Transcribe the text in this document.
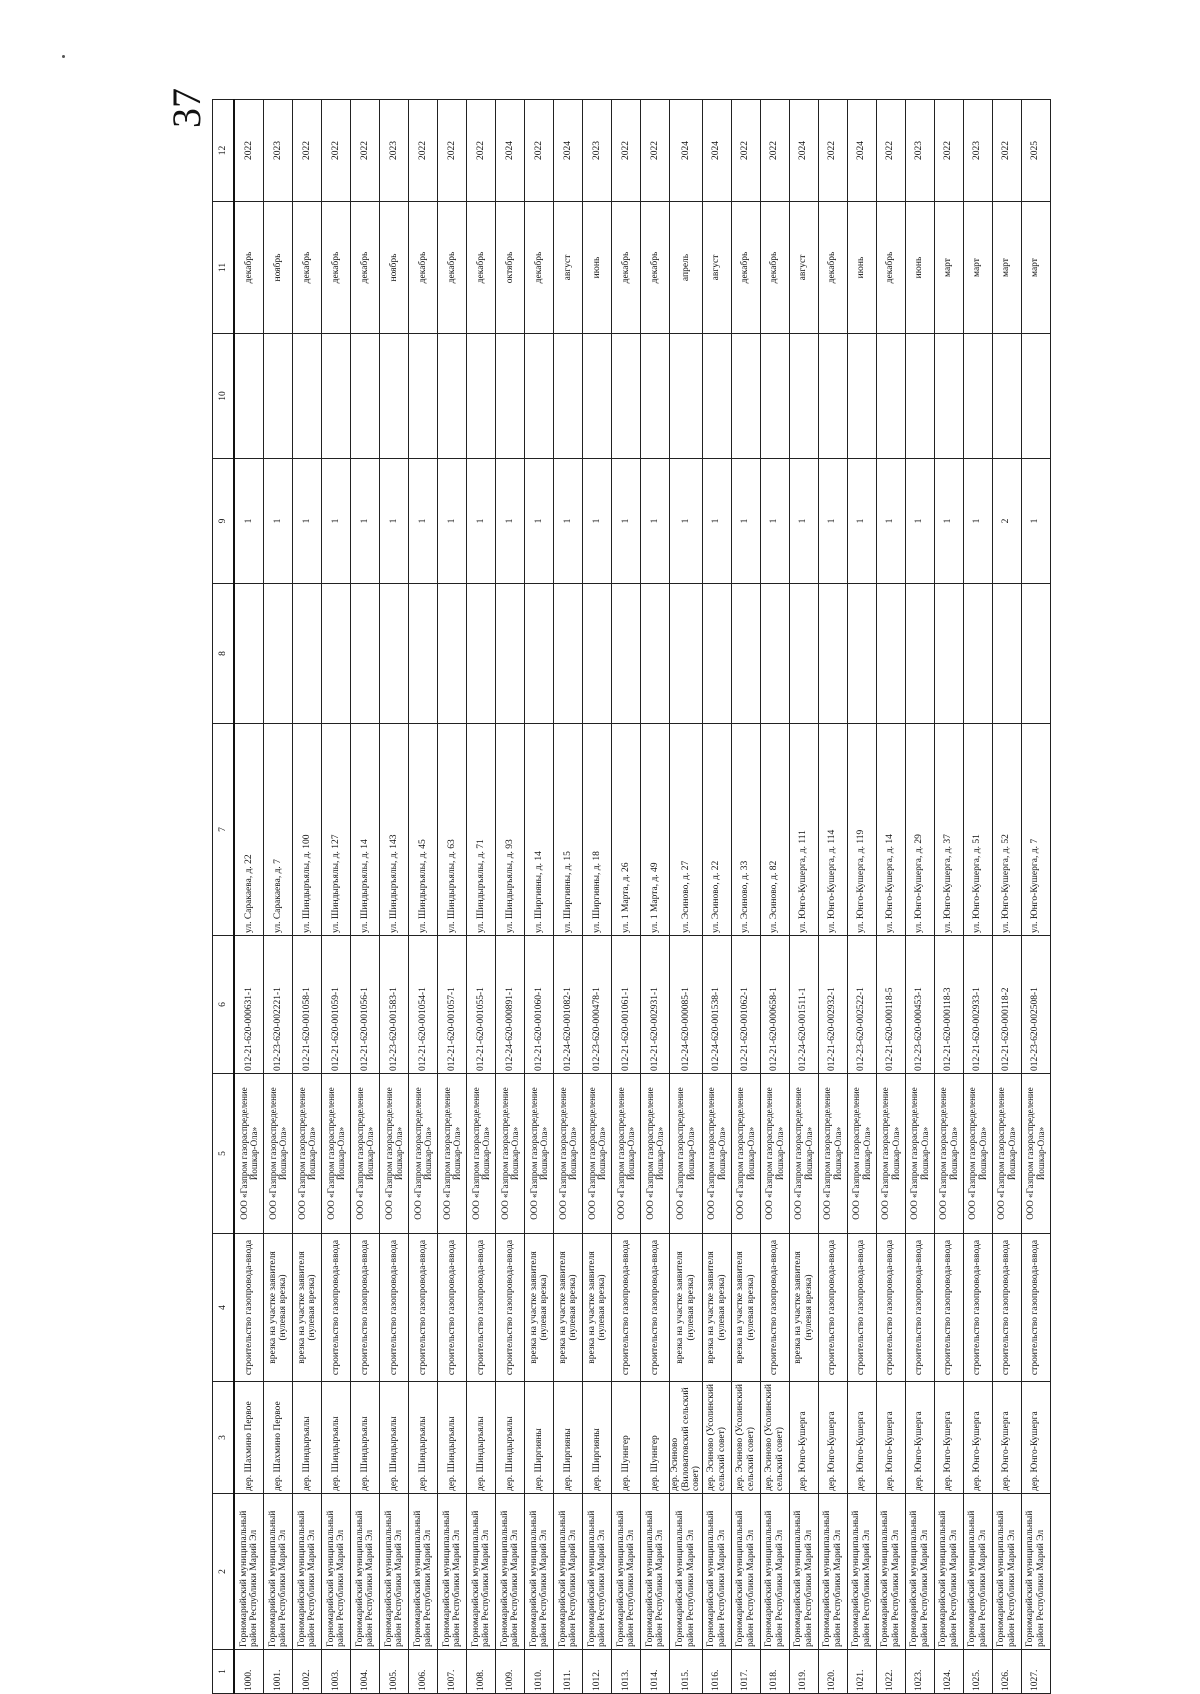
37
1	2	3	4	5	6	7	8	9	10	11	12
1000.	Горномарийский муниципальный район Республики Марий Эл	дер. Шахмино Первое	строительство газопровода-ввода	ООО «Газпром газораспределение Йошкар-Ола»	012-21-620-000631-1	ул. Саракаева, д. 22		1		декабрь	2022
1001.	Горномарийский муниципальный район Республики Марий Эл	дер. Шахмино Первое	врезка на участке заявителя (нулевая врезка)	ООО «Газпром газораспределение Йошкар-Ола»	012-23-620-002221-1	ул. Саракаева, д. 7		1		ноябрь	2023
1002.	Горномарийский муниципальный район Республики Марий Эл	дер. Шиндыръялы	врезка на участке заявителя (нулевая врезка)	ООО «Газпром газораспределение Йошкар-Ола»	012-21-620-001058-1	ул. Шиндыръялы, д. 100		1		декабрь	2022
1003.	Горномарийский муниципальный район Республики Марий Эл	дер. Шиндыръялы	строительство газопровода-ввода	ООО «Газпром газораспределение Йошкар-Ола»	012-21-620-001059-1	ул. Шиндыръялы, д. 127		1		декабрь	2022
1004.	Горномарийский муниципальный район Республики Марий Эл	дер. Шиндыръялы	строительство газопровода-ввода	ООО «Газпром газораспределение Йошкар-Ола»	012-21-620-001056-1	ул. Шиндыръялы, д. 14		1		декабрь	2022
1005.	Горномарийский муниципальный район Республики Марий Эл	дер. Шиндыръялы	строительство газопровода-ввода	ООО «Газпром газораспределение Йошкар-Ола»	012-23-620-001583-1	ул. Шиндыръялы, д. 143		1		ноябрь	2023
1006.	Горномарийский муниципальный район Республики Марий Эл	дер. Шиндыръялы	строительство газопровода-ввода	ООО «Газпром газораспределение Йошкар-Ола»	012-21-620-001054-1	ул. Шиндыръялы, д. 45		1		декабрь	2022
1007.	Горномарийский муниципальный район Республики Марий Эл	дер. Шиндыръялы	строительство газопровода-ввода	ООО «Газпром газораспределение Йошкар-Ола»	012-21-620-001057-1	ул. Шиндыръялы, д. 63		1		декабрь	2022
1008.	Горномарийский муниципальный район Республики Марий Эл	дер. Шиндыръялы	строительство газопровода-ввода	ООО «Газпром газораспределение Йошкар-Ола»	012-21-620-001055-1	ул. Шиндыръялы, д. 71		1		декабрь	2022
1009.	Горномарийский муниципальный район Республики Марий Эл	дер. Шиндыръялы	строительство газопровода-ввода	ООО «Газпром газораспределение Йошкар-Ола»	012-24-620-000891-1	ул. Шиндыръялы, д. 93		1		октябрь	2024
1010.	Горномарийский муниципальный район Республики Марий Эл	дер. Ширгияны	врезка на участке заявителя (нулевая врезка)	ООО «Газпром газораспределение Йошкар-Ола»	012-21-620-001060-1	ул. Ширгияны, д. 14		1		декабрь	2022
1011.	Горномарийский муниципальный район Республики Марий Эл	дер. Ширгияны	врезка на участке заявителя (нулевая врезка)	ООО «Газпром газораспределение Йошкар-Ола»	012-24-620-001082-1	ул. Ширгияны, д. 15		1		август	2024
1012.	Горномарийский муниципальный район Республики Марий Эл	дер. Ширгияны	врезка на участке заявителя (нулевая врезка)	ООО «Газпром газораспределение Йошкар-Ола»	012-23-620-000478-1	ул. Ширгияны, д. 18		1		июнь	2023
1013.	Горномарийский муниципальный район Республики Марий Эл	дер. Шуннгер	строительство газопровода-ввода	ООО «Газпром газораспределение Йошкар-Ола»	012-21-620-001061-1	ул. 1 Марта, д. 26		1		декабрь	2022
1014.	Горномарийский муниципальный район Республики Марий Эл	дер. Шуннгер	строительство газопровода-ввода	ООО «Газпром газораспределение Йошкар-Ола»	012-21-620-002931-1	ул. 1 Марта, д. 49		1		декабрь	2022
1015.	Горномарийский муниципальный район Республики Марий Эл	дер. Эсиново (Виловатовский сельский совет)	врезка на участке заявителя (нулевая врезка)	ООО «Газпром газораспределение Йошкар-Ола»	012-24-620-000085-1	ул. Эсиново, д. 27		1		апрель	2024
1016.	Горномарийский муниципальный район Республики Марий Эл	дер. Эсиново (Усолинский сельский совет)	врезка на участке заявителя (нулевая врезка)	ООО «Газпром газораспределение Йошкар-Ола»	012-24-620-001538-1	ул. Эсиново, д. 22		1		август	2024
1017.	Горномарийский муниципальный район Республики Марий Эл	дер. Эсиново (Усолинский сельский совет)	врезка на участке заявителя (нулевая врезка)	ООО «Газпром газораспределение Йошкар-Ола»	012-21-620-001062-1	ул. Эсиново, д. 33		1		декабрь	2022
1018.	Горномарийский муниципальный район Республики Марий Эл	дер. Эсиново (Усолинский сельский совет)	строительство газопровода-ввода	ООО «Газпром газораспределение Йошкар-Ола»	012-21-620-000658-1	ул. Эсиново, д. 82		1		декабрь	2022
1019.	Горномарийский муниципальный район Республики Марий Эл	дер. Юнго-Кушерга	врезка на участке заявителя (нулевая врезка)	ООО «Газпром газораспределение Йошкар-Ола»	012-24-620-001511-1	ул. Юнго-Кушерга, д. 111		1		август	2024
1020.	Горномарийский муниципальный район Республики Марий Эл	дер. Юнго-Кушерга	строительство газопровода-ввода	ООО «Газпром газораспределение Йошкар-Ола»	012-21-620-002932-1	ул. Юнго-Кушерга, д. 114		1		декабрь	2022
1021.	Горномарийский муниципальный район Республики Марий Эл	дер. Юнго-Кушерга	строительство газопровода-ввода	ООО «Газпром газораспределение Йошкар-Ола»	012-23-620-002522-1	ул. Юнго-Кушерга, д. 119		1		июнь	2024
1022.	Горномарийский муниципальный район Республики Марий Эл	дер. Юнго-Кушерга	строительство газопровода-ввода	ООО «Газпром газораспределение Йошкар-Ола»	012-21-620-000118-5	ул. Юнго-Кушерга, д. 14		1		декабрь	2022
1023.	Горномарийский муниципальный район Республики Марий Эл	дер. Юнго-Кушерга	строительство газопровода-ввода	ООО «Газпром газораспределение Йошкар-Ола»	012-23-620-000453-1	ул. Юнго-Кушерга, д. 29		1		июнь	2023
1024.	Горномарийский муниципальный район Республики Марий Эл	дер. Юнго-Кушерга	строительство газопровода-ввода	ООО «Газпром газораспределение Йошкар-Ола»	012-21-620-000118-3	ул. Юнго-Кушерга, д. 37		1		март	2022
1025.	Горномарийский муниципальный район Республики Марий Эл	дер. Юнго-Кушерга	строительство газопровода-ввода	ООО «Газпром газораспределение Йошкар-Ола»	012-21-620-002933-1	ул. Юнго-Кушерга, д. 51		1		март	2023
1026.	Горномарийский муниципальный район Республики Марий Эл	дер. Юнго-Кушерга	строительство газопровода-ввода	ООО «Газпром газораспределение Йошкар-Ола»	012-21-620-000118-2	ул. Юнго-Кушерга, д. 52		2		март	2022
1027.	Горномарийский муниципальный район Республики Марий Эл	дер. Юнго-Кушерга	строительство газопровода-ввода	ООО «Газпром газораспределение Йошкар-Ола»	012-23-620-002508-1	ул. Юнго-Кушерга, д. 7		1		март	2025
